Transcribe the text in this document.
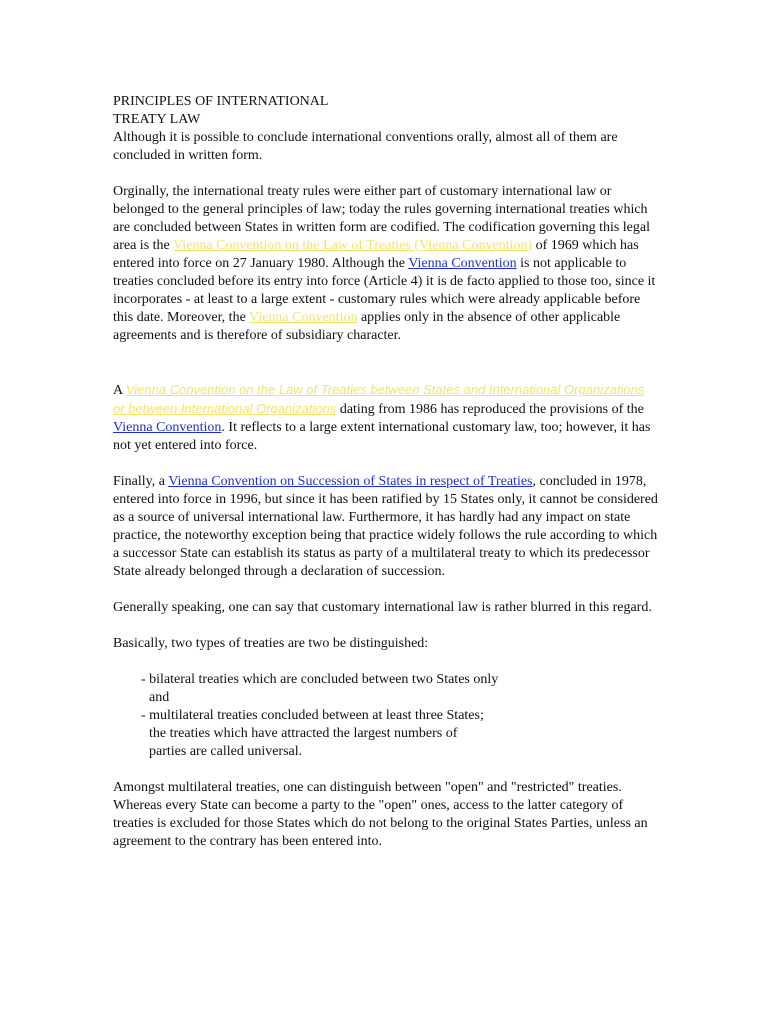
PRINCIPLES OF INTERNATIONAL
TREATY LAW

Although it is possible to conclude international conventions orally, almost all of them are concluded in written form.

Orginally, the international treaty rules were either part of customary international law or belonged to the general principles of law; today the rules governing international treaties which are concluded between States in written form are codified. The codification governing this legal area is the Vienna Convention on the Law of Treaties (Vienna Convention) of 1969 which has entered into force on 27 January 1980. Although the Vienna Convention is not applicable to treaties concluded before its entry into force (Article 4) it is de facto applied to those too, since it incorporates - at least to a large extent - customary rules which were already applicable before this date. Moreover, the Vienna Convention applies only in the absence of other applicable agreements and is therefore of subsidiary character.

A Vienna Convention on the Law of Treaties between States and International Organizations or between International Organizations dating from 1986 has reproduced the provisions of the Vienna Convention. It reflects to a large extent international customary law, too; however, it has not yet entered into force.

Finally, a Vienna Convention on Succession of States in respect of Treaties, concluded in 1978, entered into force in 1996, but since it has been ratified by 15 States only, it cannot be considered as a source of universal international law. Furthermore, it has hardly had any impact on state practice, the noteworthy exception being that practice widely follows the rule according to which a successor State can establish its status as party of a multilateral treaty to which its predecessor State already belonged through a declaration of succession.

Generally speaking, one can say that customary international law is rather blurred in this regard.

Basically, two types of treaties are two be distinguished:

- bilateral treaties which are concluded between two States only
and
- multilateral treaties concluded between at least three States;
the treaties which have attracted the largest numbers of
parties are called universal.

Amongst multilateral treaties, one can distinguish between "open" and "restricted" treaties. Whereas every State can become a party to the "open" ones, access to the latter category of treaties is excluded for those States which do not belong to the original States Parties, unless an agreement to the contrary has been entered into.
